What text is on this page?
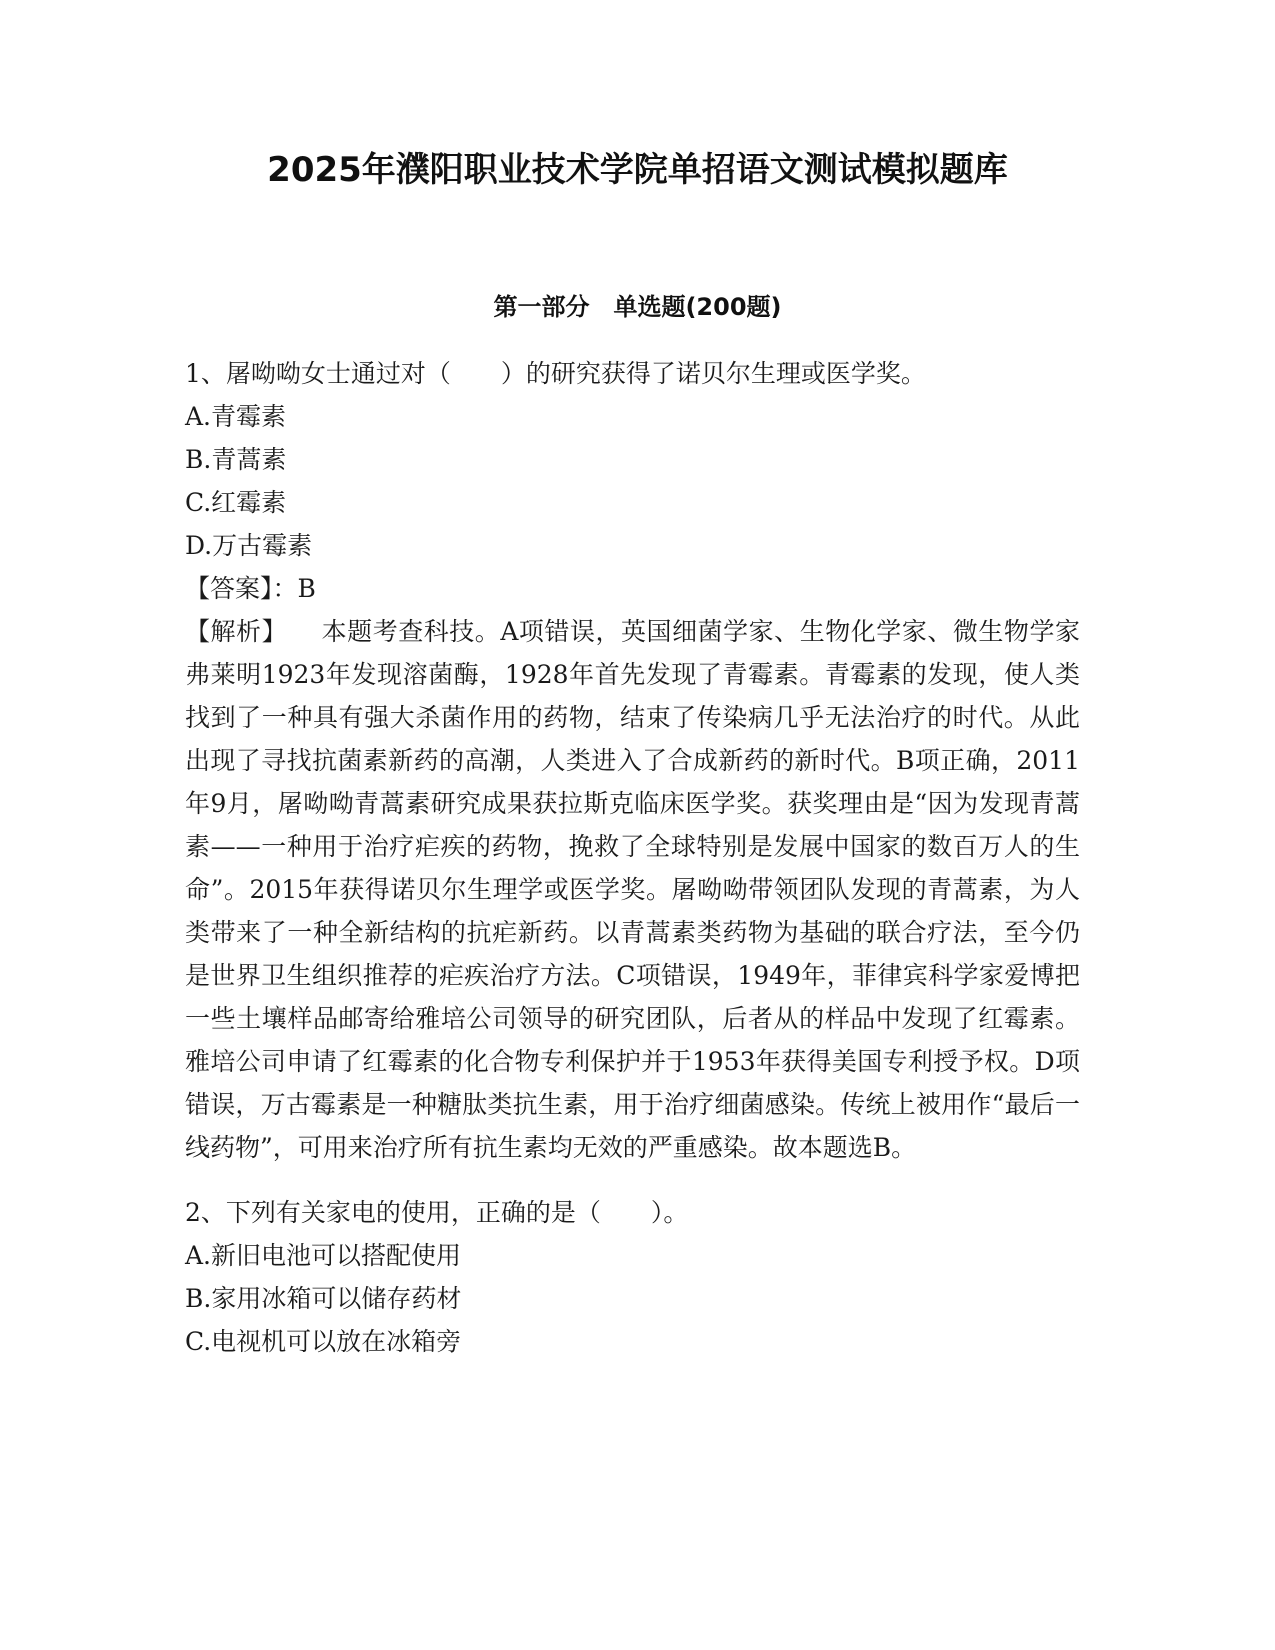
2025年濮阳职业技术学院单招语文测试模拟题库
第一部分　单选题(200题)
1、屠呦呦女士通过对（　　）的研究获得了诺贝尔生理或医学奖。
A.青霉素
B.青蒿素
C.红霉素
D.万古霉素
【答案】：B
【解析】 本题考查科技。A项错误，英国细菌学家、生物化学家、微生物学家弗莱明1923年发现溶菌酶，1928年首先发现了青霉素。青霉素的发现，使人类找到了一种具有强大杀菌作用的药物，结束了传染病几乎无法治疗的时代。从此出现了寻找抗菌素新药的高潮，人类进入了合成新药的新时代。B项正确，2011年9月，屠呦呦青蒿素研究成果获拉斯克临床医学奖。获奖理由是“因为发现青蒿素——一种用于治疗疟疾的药物，挽救了全球特别是发展中国家的数百万人的生命”。2015年获得诺贝尔生理学或医学奖。屠呦呦带领团队发现的青蒿素，为人类带来了一种全新结构的抗疟新药。以青蒿素类药物为基础的联合疗法，至今仍是世界卫生组织推荐的疟疾治疗方法。C项错误，1949年，菲律宾科学家爱博把一些土壤样品邮寄给雅培公司领导的研究团队，后者从的样品中发现了红霉素。雅培公司申请了红霉素的化合物专利保护并于1953年获得美国专利授予权。D项错误，万古霉素是一种糖肽类抗生素，用于治疗细菌感染。传统上被用作“最后一线药物”，可用来治疗所有抗生素均无效的严重感染。故本题选B。
2、下列有关家电的使用，正确的是（　　）。
A.新旧电池可以搭配使用
B.家用冰箱可以储存药材
C.电视机可以放在冰箱旁
